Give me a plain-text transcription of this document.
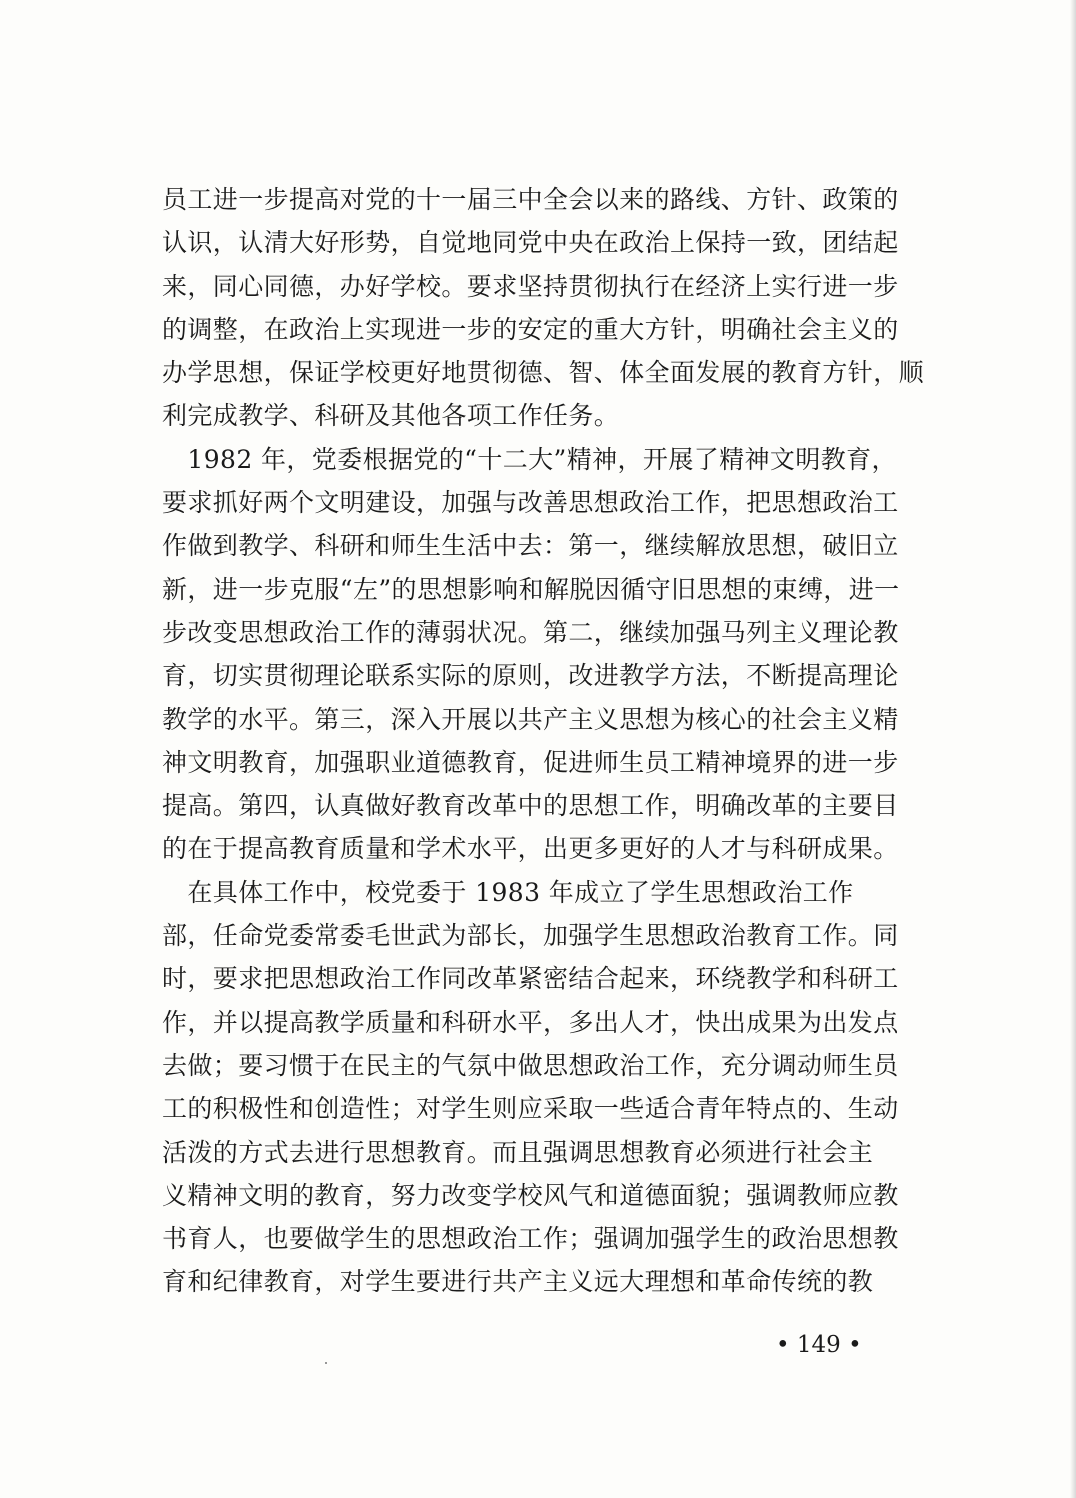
员工进一步提高对党的十一届三中全会以来的路线、方针、政策的
认识，认清大好形势，自觉地同党中央在政治上保持一致，团结起
来，同心同德，办好学校。要求坚持贯彻执行在经济上实行进一步
的调整，在政治上实现进一步的安定的重大方针，明确社会主义的
办学思想，保证学校更好地贯彻德、智、体全面发展的教育方针，顺
利完成教学、科研及其他各项工作任务。
　1982 年，党委根据党的“十二大”精神，开展了精神文明教育，
要求抓好两个文明建设，加强与改善思想政治工作，把思想政治工
作做到教学、科研和师生生活中去：第一，继续解放思想，破旧立
新，进一步克服“左”的思想影响和解脱因循守旧思想的束缚，进一
步改变思想政治工作的薄弱状况。第二，继续加强马列主义理论教
育，切实贯彻理论联系实际的原则，改进教学方法，不断提高理论
教学的水平。第三，深入开展以共产主义思想为核心的社会主义精
神文明教育，加强职业道德教育，促进师生员工精神境界的进一步
提高。第四，认真做好教育改革中的思想工作，明确改革的主要目
的在于提高教育质量和学术水平，出更多更好的人才与科研成果。
　在具体工作中，校党委于 1983 年成立了学生思想政治工作
部，任命党委常委毛世武为部长，加强学生思想政治教育工作。同
时，要求把思想政治工作同改革紧密结合起来，环绕教学和科研工
作，并以提高教学质量和科研水平，多出人才，快出成果为出发点
去做；要习惯于在民主的气氛中做思想政治工作，充分调动师生员
工的积极性和创造性；对学生则应采取一些适合青年特点的、生动
活泼的方式去进行思想教育。而且强调思想教育必须进行社会主
义精神文明的教育，努力改变学校风气和道德面貌；强调教师应教
书育人，也要做学生的思想政治工作；强调加强学生的政治思想教
育和纪律教育，对学生要进行共产主义远大理想和革命传统的教
• 149 •
